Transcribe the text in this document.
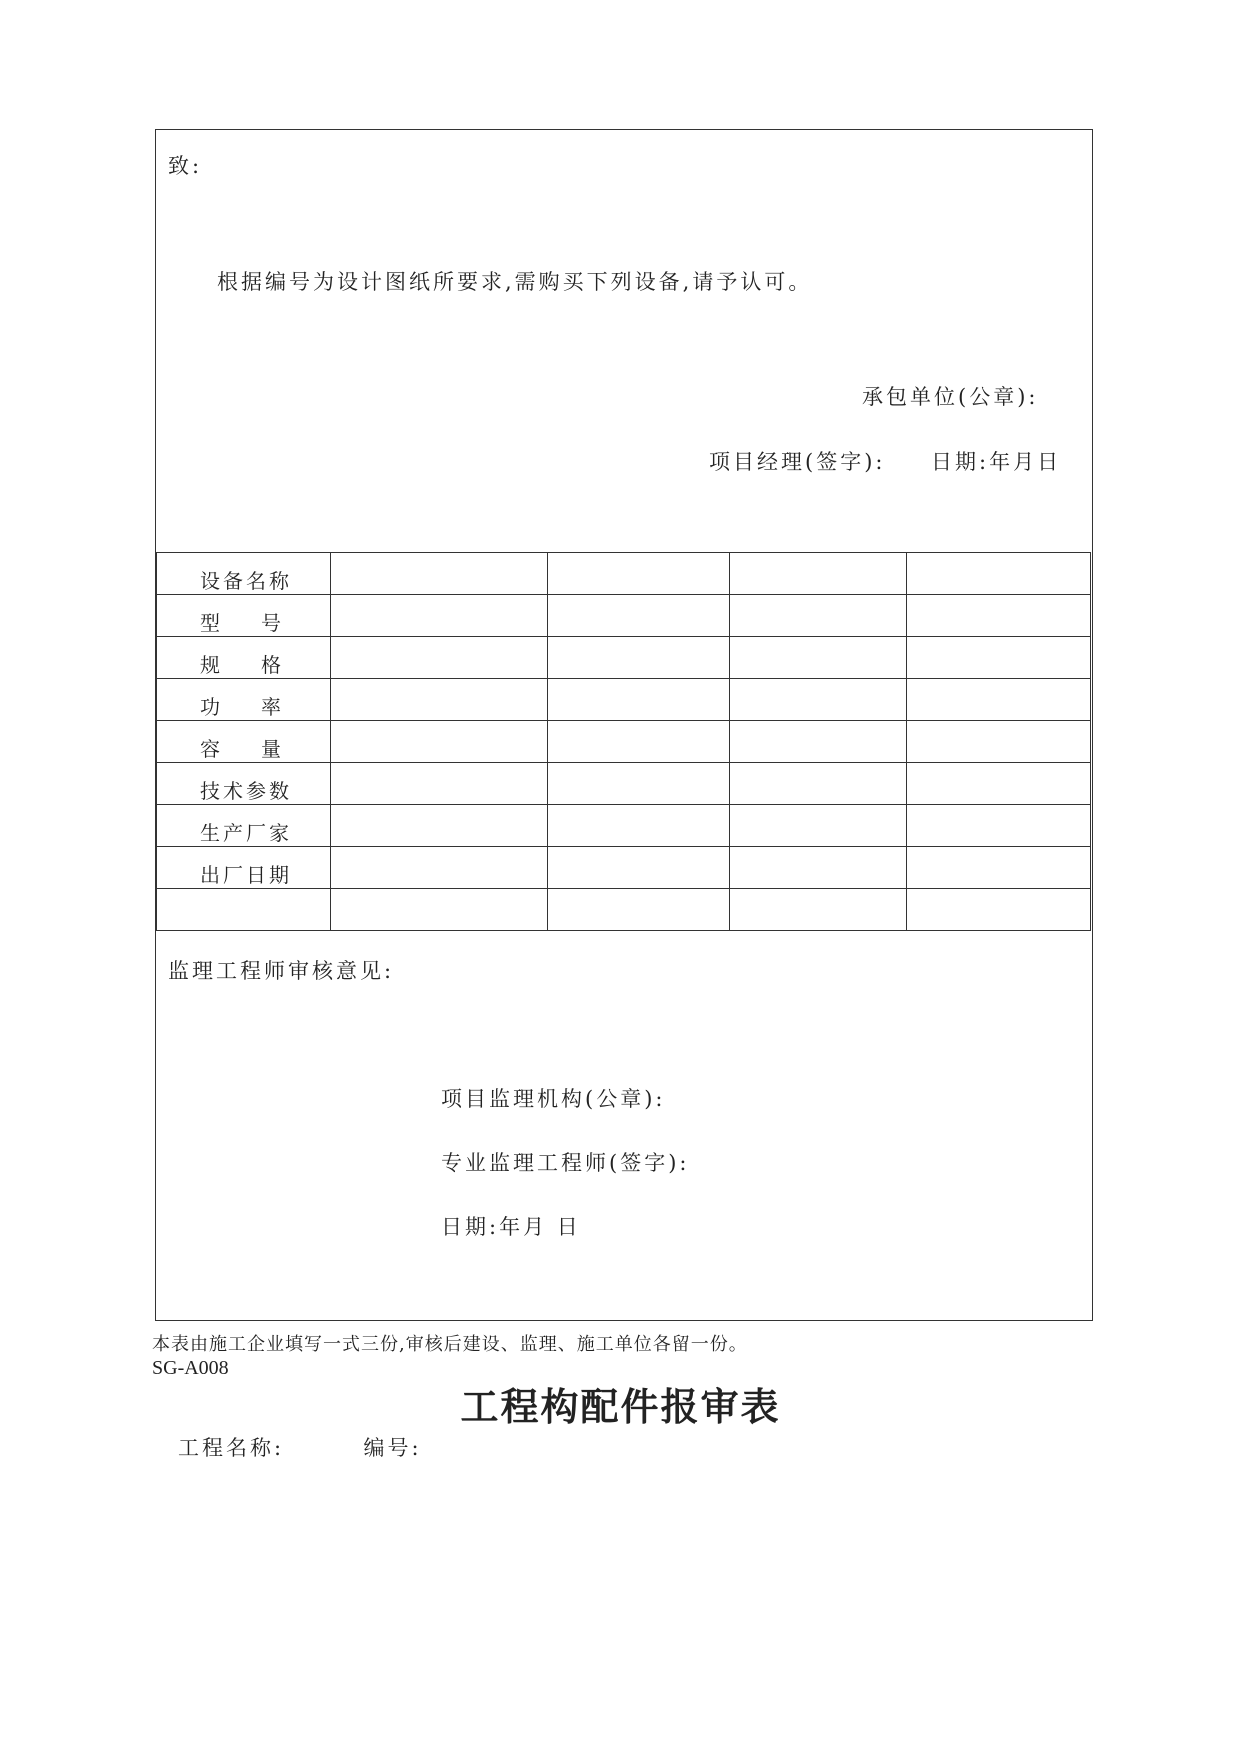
致:
根据编号为设计图纸所要求,需购买下列设备,请予认可。
承包单位(公章):
项目经理(签字): 日期:年月日
设 备 名 称				

型 号				

规 格				

功 率				

容 量				

技 术 参 数				

生 产 厂 家				

出 厂 日 期				

监理工程师审核意见:
项目监理机构(公章):
专业监理工程师(签字):
日期:年月 日
本表由施工企业填写一式三份,审核后建设、监理、施工单位各留一份。
SG-A008
工程构配件报审表
工程名称:	编号:
